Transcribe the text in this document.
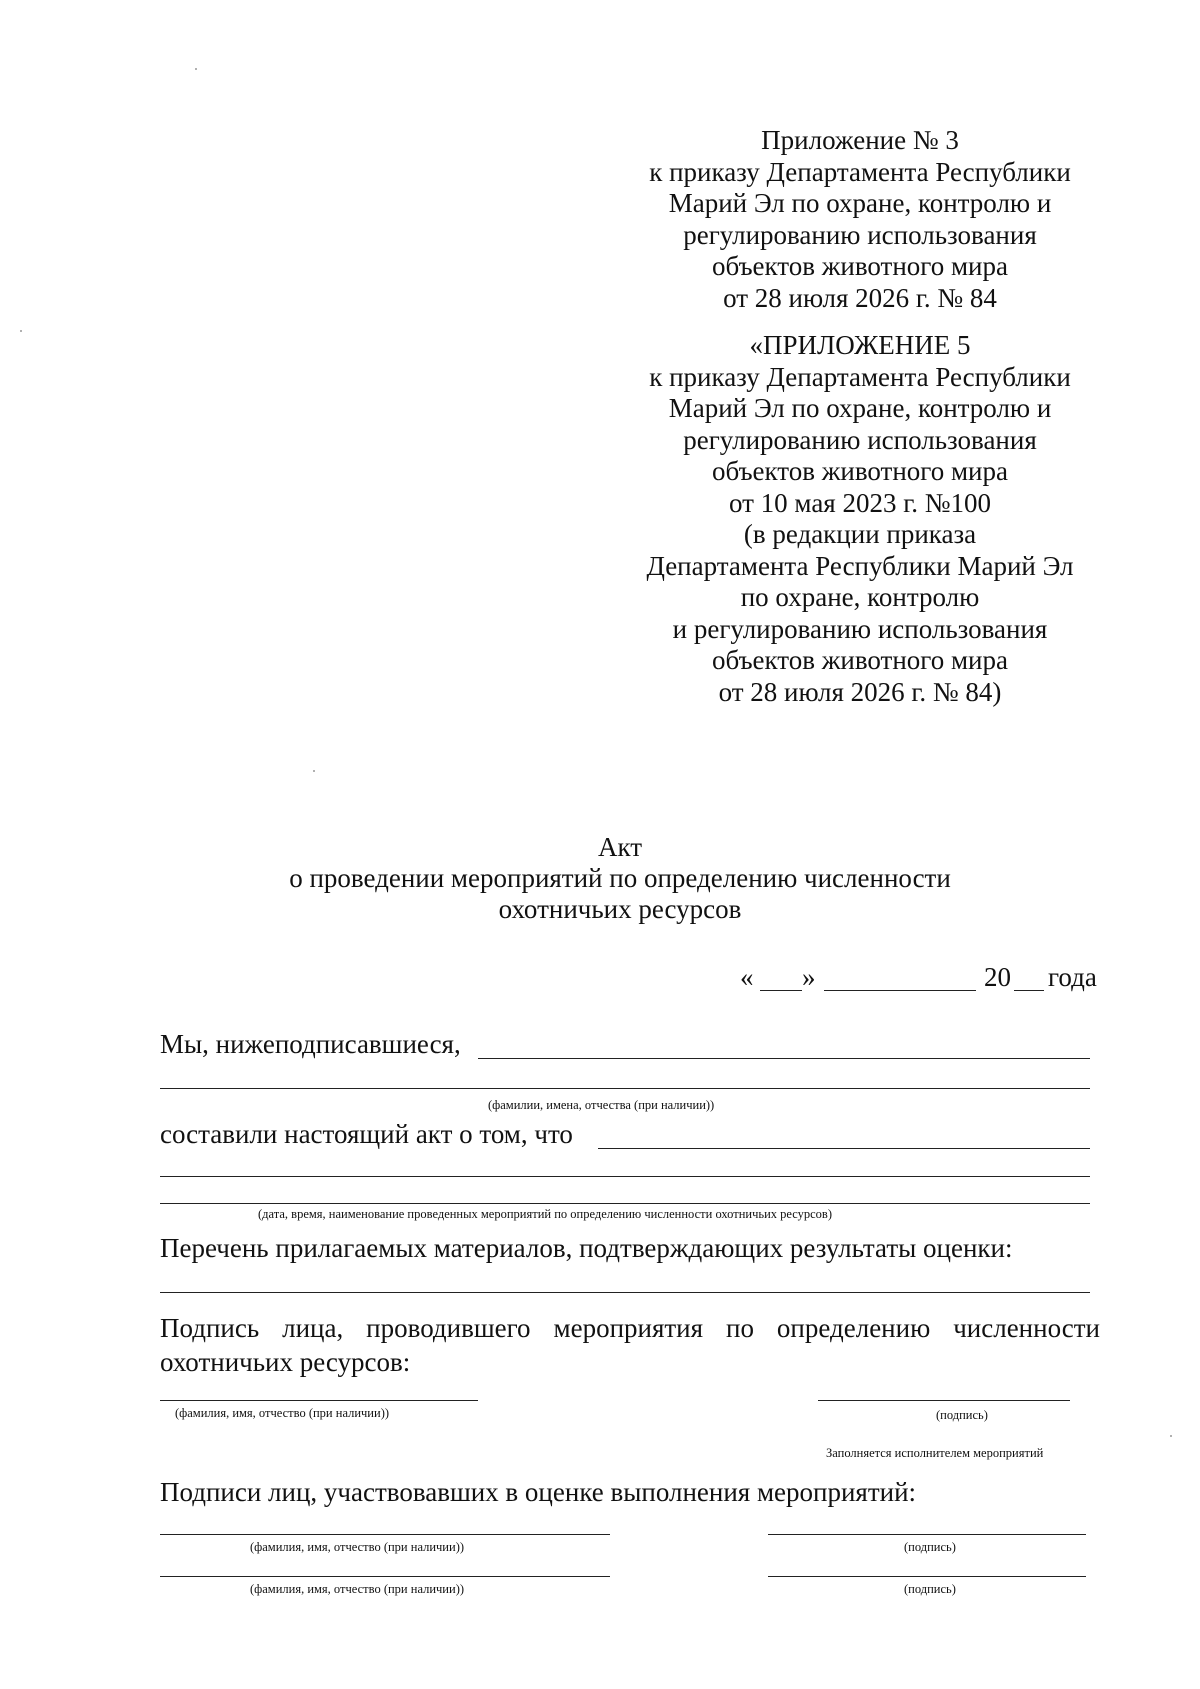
Приложение № 3
к приказу Департамента Республики
Марий Эл по охране, контролю и
регулированию использования
объектов животного мира
от 28 июля 2026 г. № 84
«ПРИЛОЖЕНИЕ 5
к приказу Департамента Республики
Марий Эл по охране, контролю и
регулированию использования
объектов животного мира
от 10 мая 2023 г. №100
(в редакции приказа
Департамента Республики Марий Эл
по охране, контролю
и регулированию использования
объектов животного мира
от 28 июля 2026 г. № 84)
Акт
о проведении мероприятий по определению численности
охотничьих ресурсов
« »	20 года
Мы, нижеподписавшиеся,
(фамилии, имена, отчества (при наличии))
составили настоящий акт о том, что
(дата, время, наименование проведенных мероприятий по определению численности охотничьих ресурсов)
Перечень прилагаемых материалов, подтверждающих результаты оценки:
Подпись лица, проводившего мероприятия по определению численности
охотничьих ресурсов:
(фамилия, имя, отчество (при наличии))	(подпись)
Заполняется исполнителем мероприятий
Подписи лиц, участвовавших в оценке выполнения мероприятий:
(фамилия, имя, отчество (при наличии))	(подпись)
(фамилия, имя, отчество (при наличии))	(подпись)
